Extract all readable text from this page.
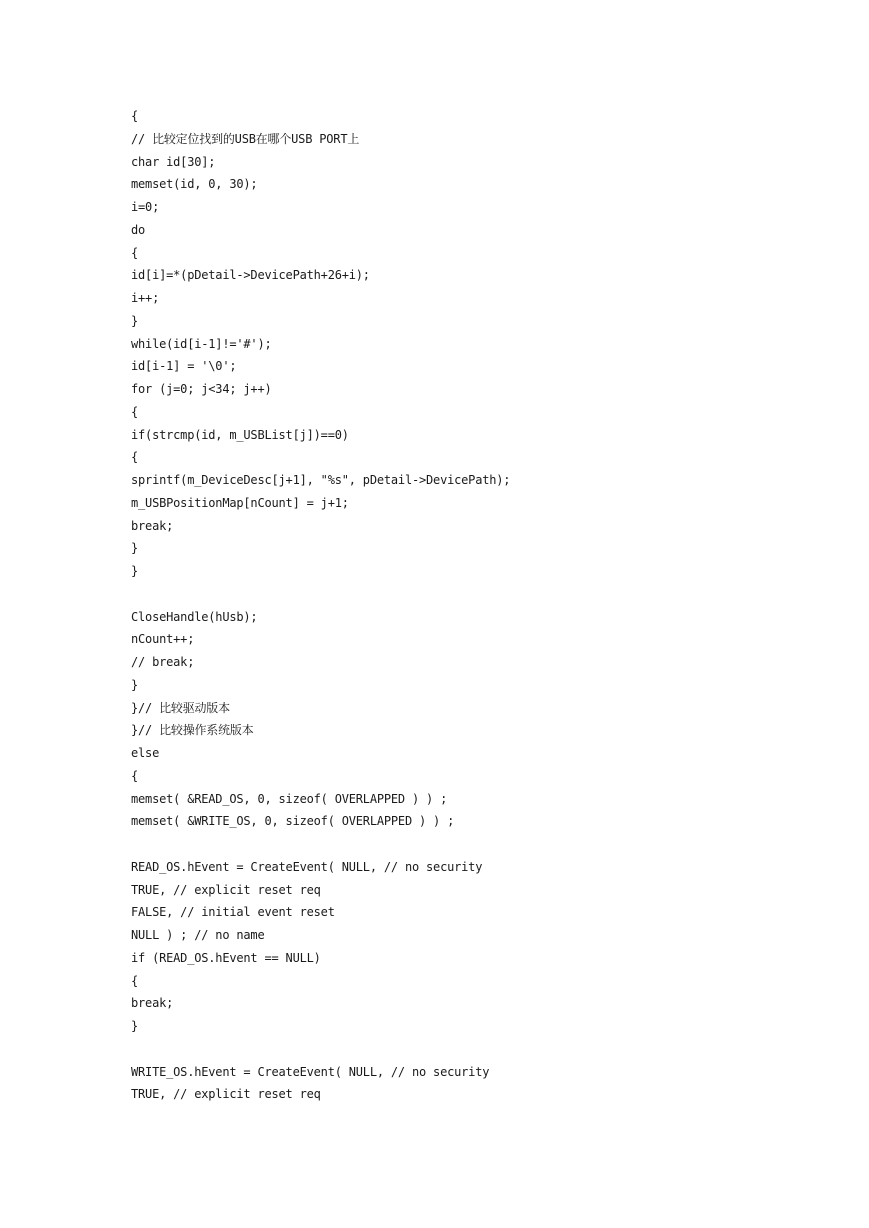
{
// 比较定位找到的USB在哪个USB PORT上
char id[30];
memset(id, 0, 30);
i=0;
do
{
id[i]=*(pDetail->DevicePath+26+i);
i++;
}
while(id[i-1]!='#');
id[i-1] = '\0';
for (j=0; j<34; j++)
{
if(strcmp(id, m_USBList[j])==0)
{
sprintf(m_DeviceDesc[j+1], "%s", pDetail->DevicePath);
m_USBPositionMap[nCount] = j+1;
break;
}
}
CloseHandle(hUsb);
nCount++;
// break;
}
}// 比较驱动版本
}// 比较操作系统版本
else
{
memset( &READ_OS, 0, sizeof( OVERLAPPED ) ) ;
memset( &WRITE_OS, 0, sizeof( OVERLAPPED ) ) ;
READ_OS.hEvent = CreateEvent( NULL, // no security
TRUE, // explicit reset req
FALSE, // initial event reset
NULL ) ; // no name
if (READ_OS.hEvent == NULL)
{
break;
}
WRITE_OS.hEvent = CreateEvent( NULL, // no security
TRUE, // explicit reset req
